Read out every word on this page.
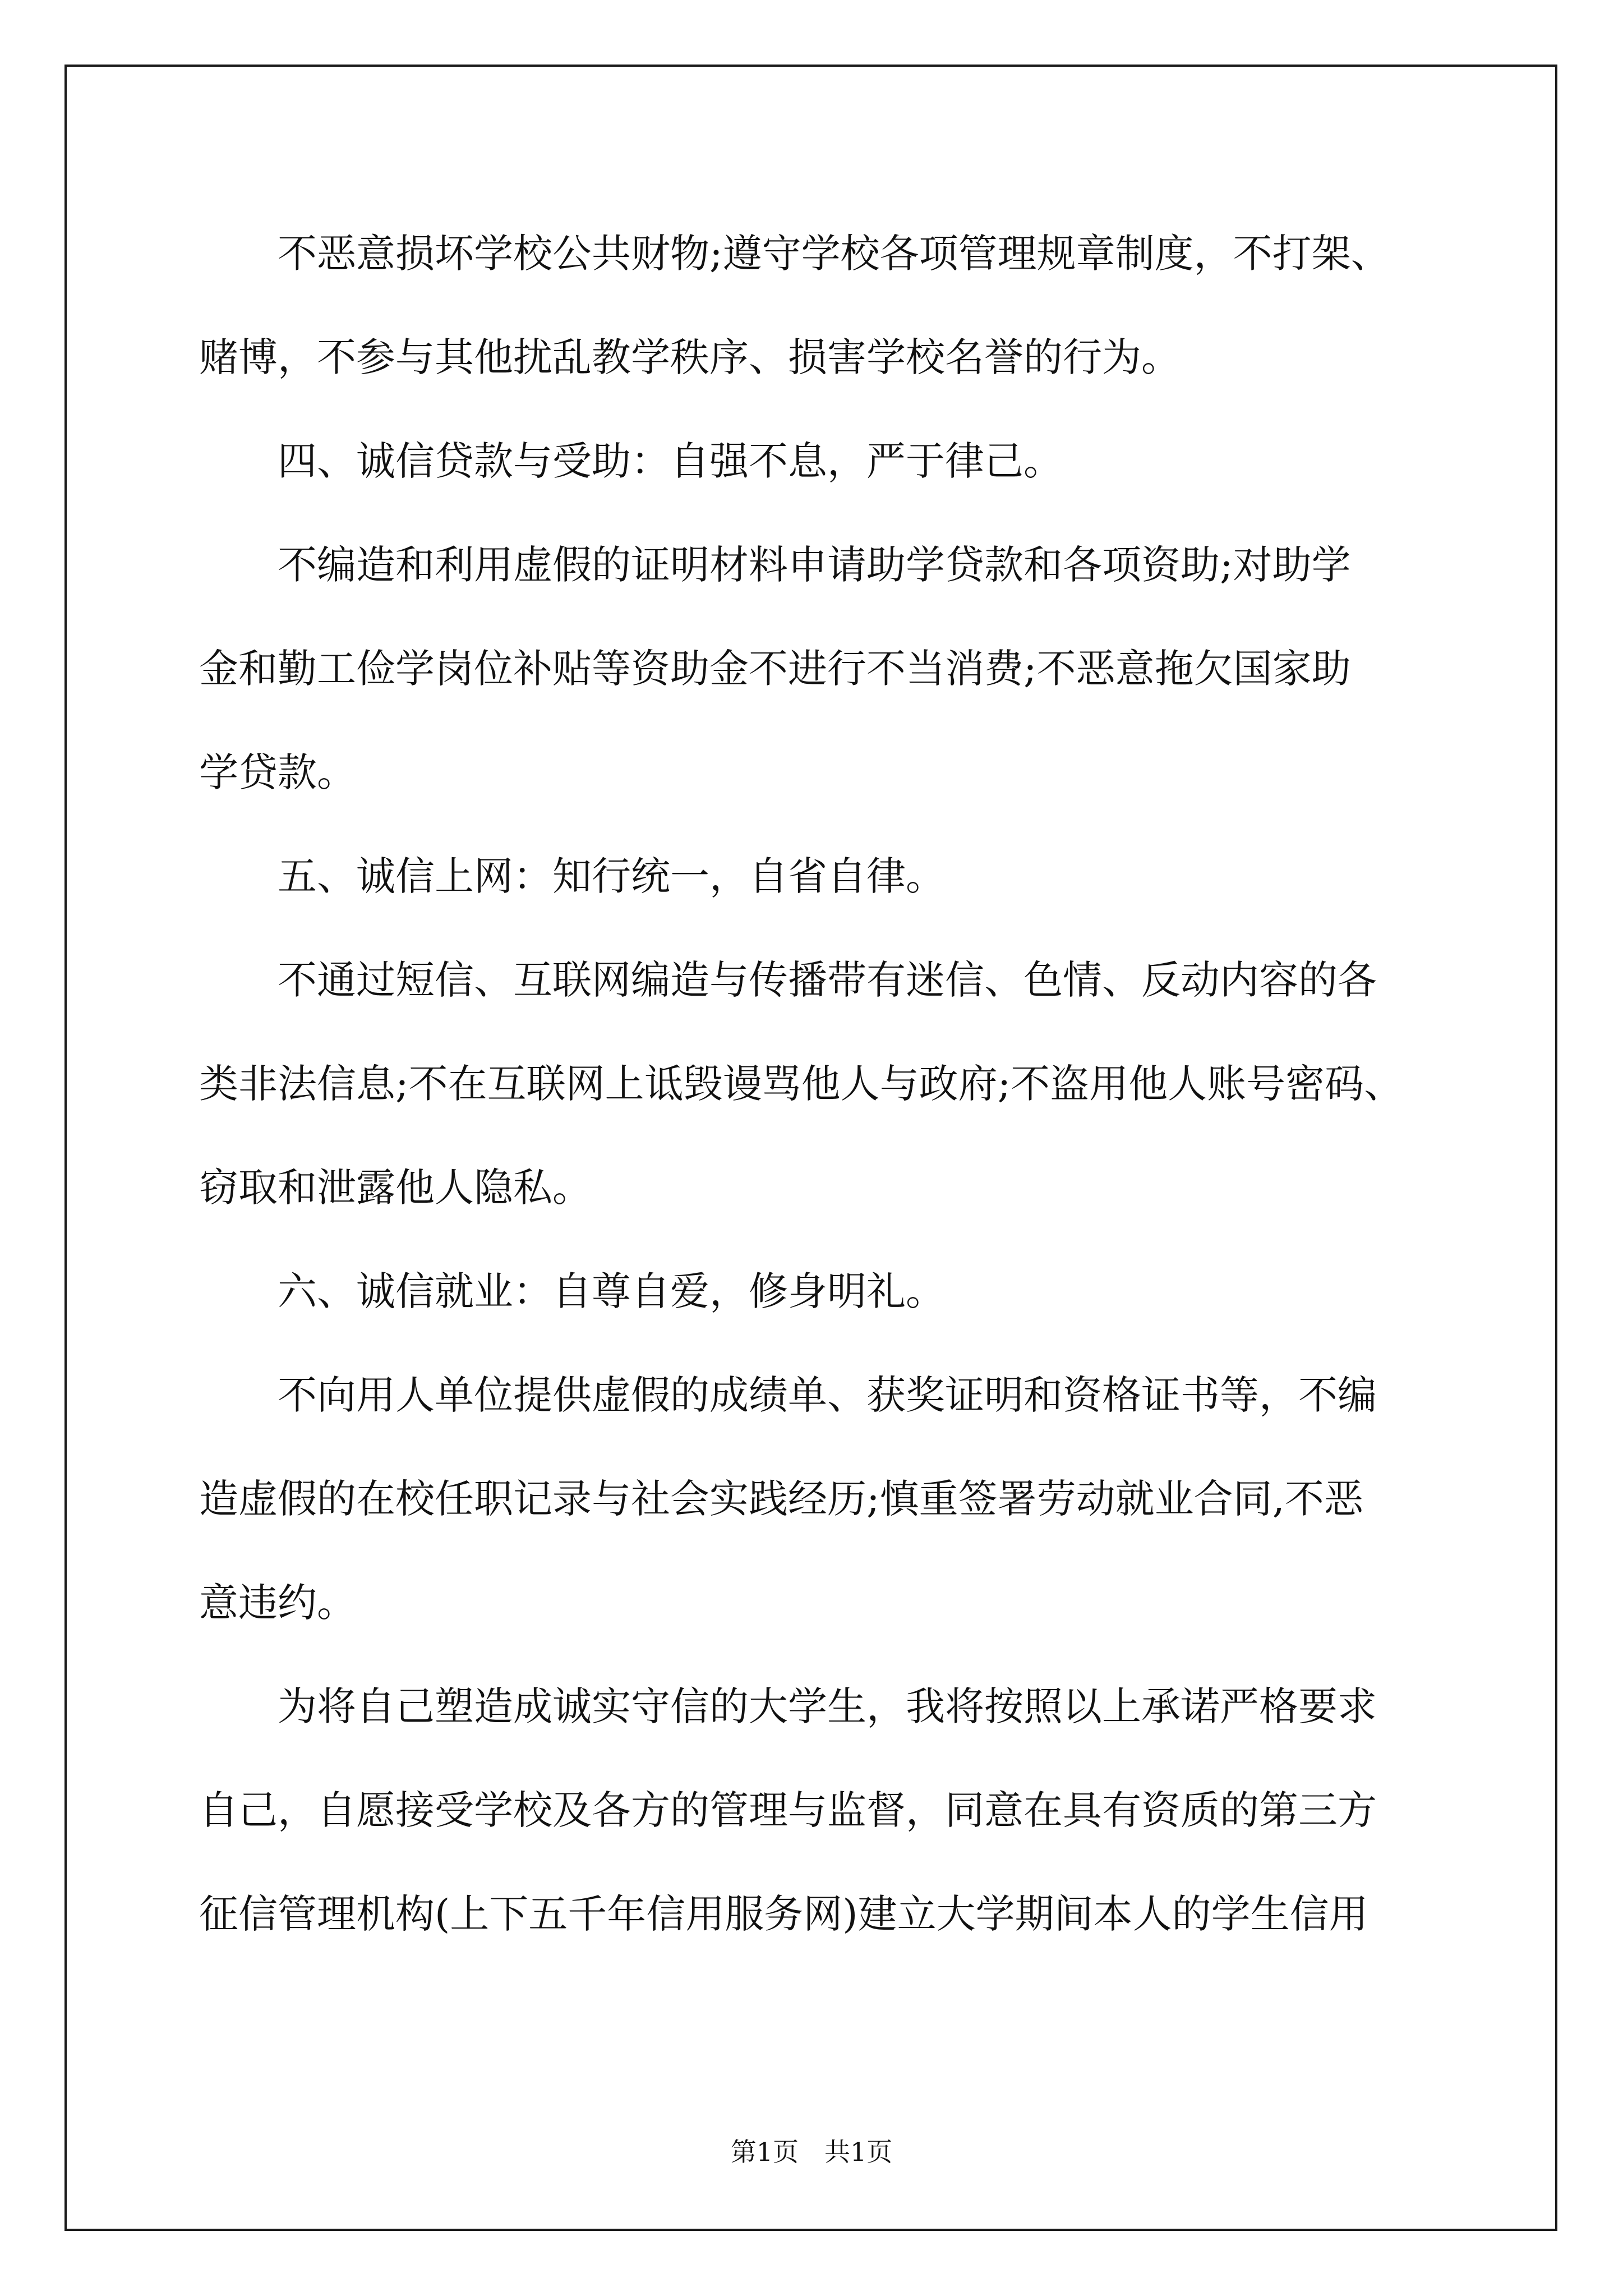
不恶意损坏学校公共财物;遵守学校各项管理规章制度，不打架、
赌博，不参与其他扰乱教学秩序、损害学校名誉的行为。
四、诚信贷款与受助：自强不息，严于律己。
不编造和利用虚假的证明材料申请助学贷款和各项资助;对助学
金和勤工俭学岗位补贴等资助金不进行不当消费;不恶意拖欠国家助
学贷款。
五、诚信上网：知行统一，自省自律。
不通过短信、互联网编造与传播带有迷信、色情、反动内容的各
类非法信息;不在互联网上诋毁谩骂他人与政府;不盗用他人账号密码、
窃取和泄露他人隐私。
六、诚信就业：自尊自爱，修身明礼。
不向用人单位提供虚假的成绩单、获奖证明和资格证书等，不编
造虚假的在校任职记录与社会实践经历;慎重签署劳动就业合同,不恶
意违约。
为将自己塑造成诚实守信的大学生，我将按照以上承诺严格要求
自己，自愿接受学校及各方的管理与监督，同意在具有资质的第三方
征信管理机构(上下五千年信用服务网)建立大学期间本人的学生信用
第1页　共1页
